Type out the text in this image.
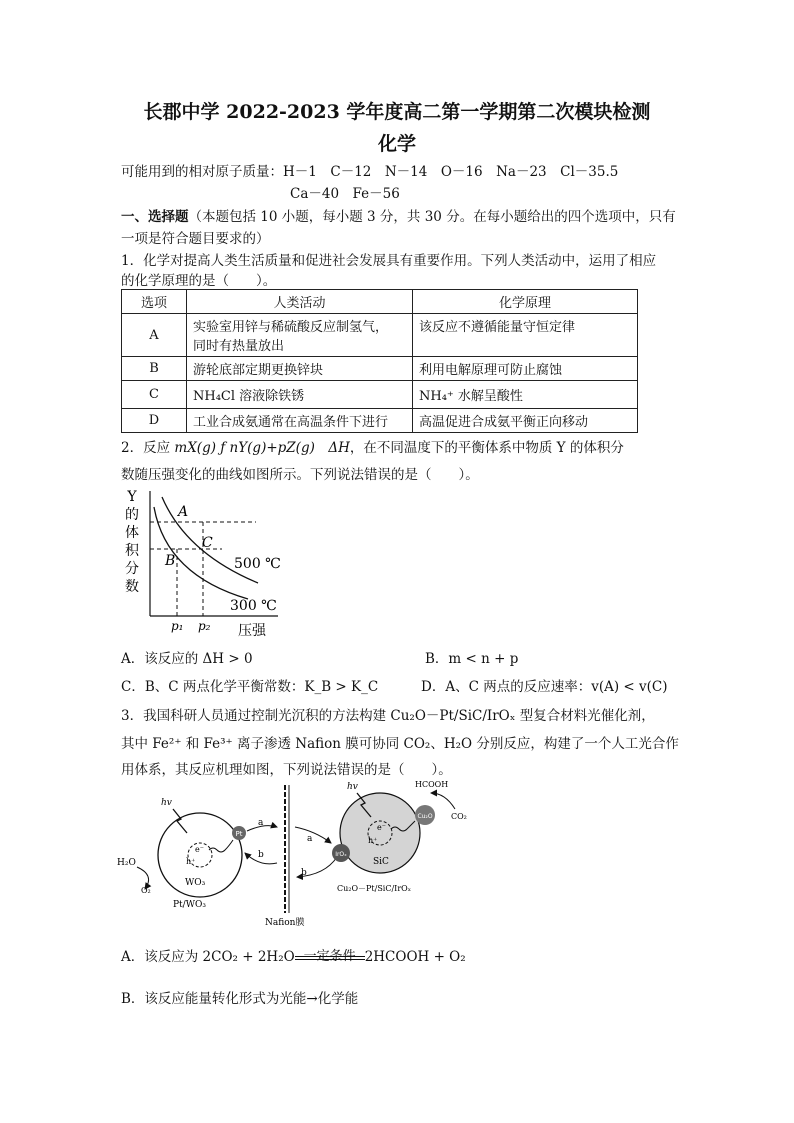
长郡中学 2022-2023 学年度高二第一学期第二次模块检测
化学
可能用到的相对原子质量：H－1　C－12　N－14　O－16　Na－23　Cl－35.5
Ca－40　Fe－56
一、选择题（本题包括 10 小题，每小题 3 分，共 30 分。在每小题给出的四个选项中，只有
一项是符合题目要求的）
1．化学对提高人类生活质量和促进社会发展具有重要作用。下列人类活动中，运用了相应
的化学原理的是（　　）。
选项	人类活动	化学原理
A	实验室用锌与稀硫酸反应制氢气，
同时有热量放出	该反应不遵循能量守恒定律
B	游轮底部定期更换锌块	利用电解原理可防止腐蚀
C	NH₄Cl 溶液除铁锈	NH₄⁺ 水解呈酸性
D	工业合成氨通常在高温条件下进行	高温促进合成氨平衡正向移动
2．反应 mX(g) ƒ nY(g)+pZ(g)　ΔH，在不同温度下的平衡体系中物质 Y 的体积分
数随压强变化的曲线如图所示。下列说法错误的是（　　）。
Y
的
体
积
分
数
A
B
C
500 ℃
300 ℃
p₁ p₂ 压强
A．该反应的 ΔH > 0	B．m < n + p
C．B、C 两点化学平衡常数：K_B > K_C	D．A、C 两点的反应速率：v(A) < v(C)
3．我国科研人员通过控制光沉积的方法构建 Cu₂O－Pt/SiC/IrOₓ 型复合材料光催化剂，
其中 Fe²⁺ 和 Fe³⁺ 离子渗透 Nafion 膜可协同 CO₂、H₂O 分别反应，构建了一个人工光合作
用体系，其反应机理如图，下列说法错误的是（　　）。
Pt
hv
e⁻
h⁺
WO₃
H₂O
O₂
Pt/WO₃
a
b
Nafion膜
a
b
Cu₂O
IrOₓ
hv
e⁻
h⁺
SiC
HCOOH
CO₂
Cu₂O－Pt/SiC/IrOₓ
A．该反应为 2CO₂ + 2H₂O 一定条件 2HCOOH + O₂
B．该反应能量转化形式为光能→化学能
